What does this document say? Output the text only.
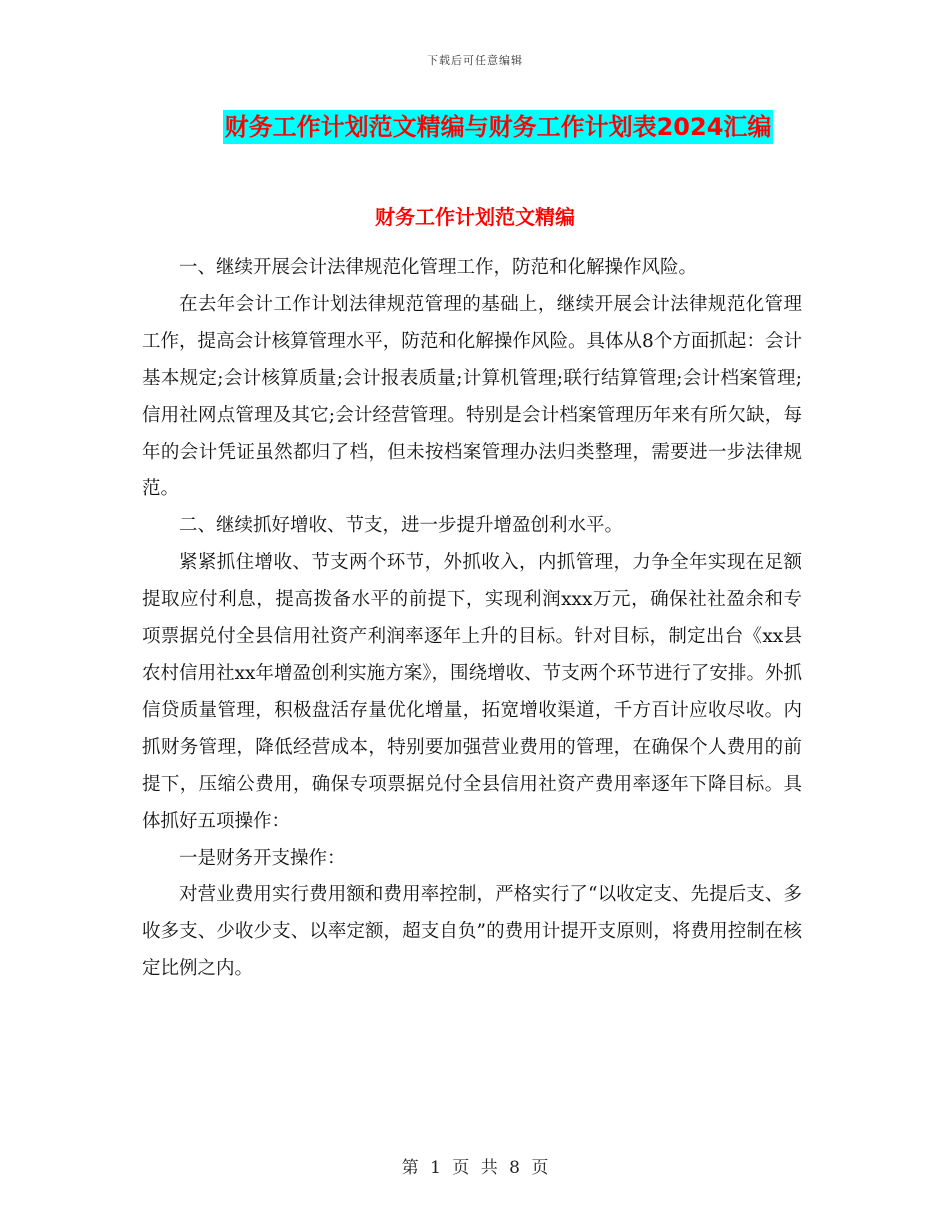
下载后可任意编辑
财务工作计划范文精编与财务工作计划表2024汇编
财务工作计划范文精编

一、继续开展会计法律规范化管理工作，防范和化解操作风险。

在去年会计工作计划法律规范管理的基础上，继续开展会计法律规范化管理工作，提高会计核算管理水平，防范和化解操作风险。具体从8个方面抓起：会计基本规定;会计核算质量;会计报表质量;计算机管理;联行结算管理;会计档案管理;信用社网点管理及其它;会计经营管理。特别是会计档案管理历年来有所欠缺，每年的会计凭证虽然都归了档，但未按档案管理办法归类整理，需要进一步法律规范。

二、继续抓好增收、节支，进一步提升增盈创利水平。

紧紧抓住增收、节支两个环节，外抓收入，内抓管理，力争全年实现在足额提取应付利息，提高拨备水平的前提下，实现利润xxx万元，确保社社盈余和专项票据兑付全县信用社资产利润率逐年上升的目标。针对目标，制定出台《xx县农村信用社xx年增盈创利实施方案》，围绕增收、节支两个环节进行了安排。外抓信贷质量管理，积极盘活存量优化增量，拓宽增收渠道，千方百计应收尽收。内抓财务管理，降低经营成本，特别要加强营业费用的管理，在确保个人费用的前提下，压缩公费用，确保专项票据兑付全县信用社资产费用率逐年下降目标。具体抓好五项操作：

一是财务开支操作：

对营业费用实行费用额和费用率控制，严格实行了“以收定支、先提后支、多收多支、少收少支、以率定额，超支自负”的费用计提开支原则，将费用控制在核定比例之内。

第 1 页 共 8 页
